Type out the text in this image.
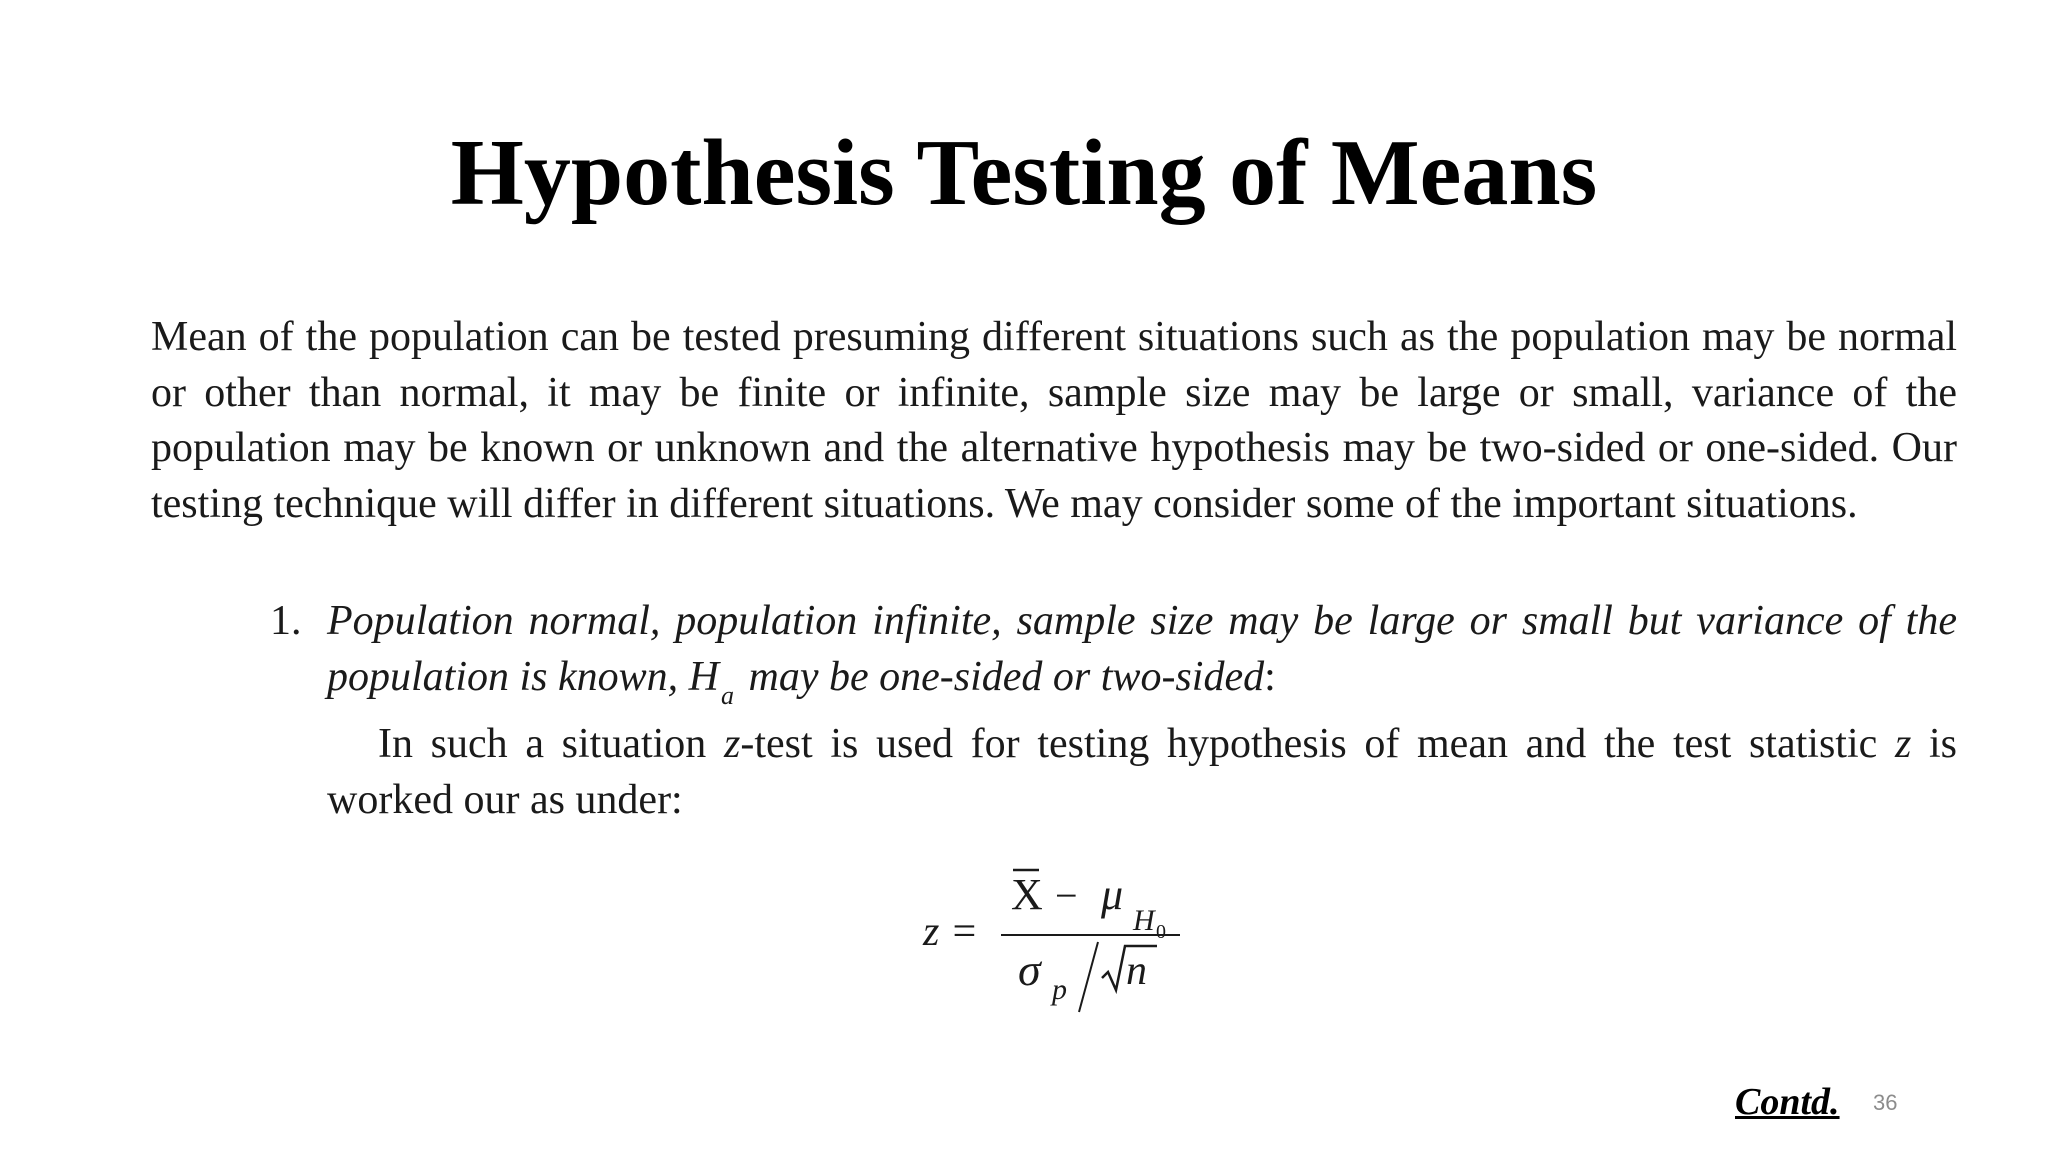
Hypothesis Testing of Means

Mean of the population can be tested presuming different situations such as the population may be normal or other than normal, it may be finite or infinite, sample size may be large or small, variance of the population may be known or unknown and the alternative hypothesis may be two-sided or one-sided. Our testing technique will differ in different situations. We may consider some of the important situations.

1. Population normal, population infinite, sample size may be large or small but variance of the population is known, $H_a$ may be one-sided or two-sided:

In such a situation z-test is used for testing hypothesis of mean and the test statistic z is worked our as under:

z =
X − μ
H 0
σ p n
Contd. 36
